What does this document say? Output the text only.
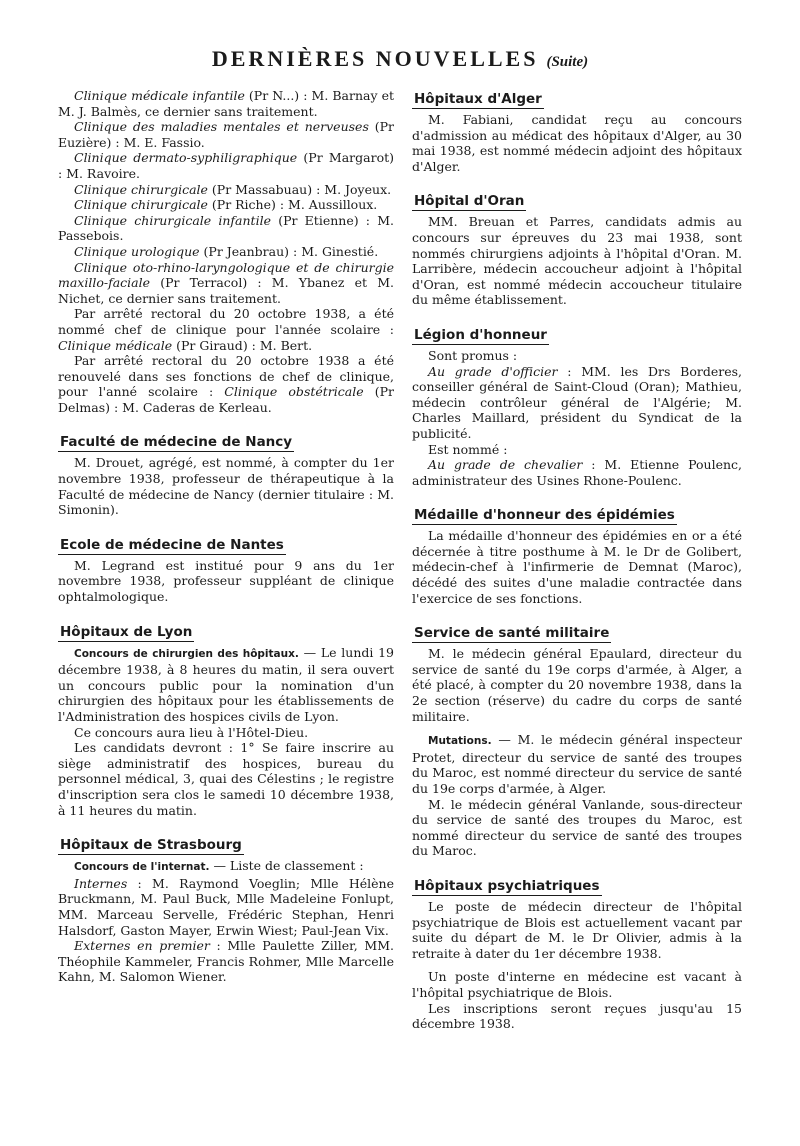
DERNIÈRES NOUVELLES (Suite)

Clinique médicale infantile (Pr N...) : M. Barnay et M. J. Balmès, ce dernier sans traitement.

Clinique des maladies mentales et nerveuses (Pr Euzière) : M. E. Fassio.

Clinique dermato-syphiligraphique (Pr Margarot) : M. Ravoire.

Clinique chirurgicale (Pr Massabuau) : M. Joyeux.

Clinique chirurgicale (Pr Riche) : M. Aussilloux.

Clinique chirurgicale infantile (Pr Etienne) : M. Passebois.

Clinique urologique (Pr Jeanbrau) : M. Ginestié.

Clinique oto-rhino-laryngologique et de chirurgie maxillo-faciale (Pr Terracol) : M. Ybanez et M. Nichet, ce dernier sans traitement.

Par arrêté rectoral du 20 octobre 1938, a été nommé chef de clinique pour l'année scolaire : Clinique médicale (Pr Giraud) : M. Bert.

Par arrêté rectoral du 20 octobre 1938 a été renouvelé dans ses fonctions de chef de clinique, pour l'anné scolaire : Clinique obstétricale (Pr Delmas) : M. Caderas de Kerleau.

Faculté de médecine de Nancy

M. Drouet, agrégé, est nommé, à compter du 1er novembre 1938, professeur de thérapeutique à la Faculté de médecine de Nancy (dernier titulaire : M. Simonin).

Ecole de médecine de Nantes

M. Legrand est institué pour 9 ans du 1er novembre 1938, professeur suppléant de clinique ophtalmologique.

Hôpitaux de Lyon

Concours de chirurgien des hôpitaux. — Le lundi 19 décembre 1938, à 8 heures du matin, il sera ouvert un concours public pour la nomination d'un chirurgien des hôpitaux pour les établissements de l'Administration des hospices civils de Lyon.

Ce concours aura lieu à l'Hôtel-Dieu.

Les candidats devront : 1° Se faire inscrire au siège administratif des hospices, bureau du personnel médical, 3, quai des Célestins ; le registre d'inscription sera clos le samedi 10 décembre 1938, à 11 heures du matin.

Hôpitaux de Strasbourg

Concours de l'internat. — Liste de classement :

Internes : M. Raymond Voeglin; Mlle Hélène Bruckmann, M. Paul Buck, Mlle Madeleine Fonlupt, MM. Marceau Servelle, Frédéric Stephan, Henri Halsdorf, Gaston Mayer, Erwin Wiest; Paul-Jean Vix.

Externes en premier : Mlle Paulette Ziller, MM. Théophile Kammeler, Francis Rohmer, Mlle Marcelle Kahn, M. Salomon Wiener.

Hôpitaux d'Alger

M. Fabiani, candidat reçu au concours d'admission au médicat des hôpitaux d'Alger, au 30 mai 1938, est nommé médecin adjoint des hôpitaux d'Alger.

Hôpital d'Oran

MM. Breuan et Parres, candidats admis au concours sur épreuves du 23 mai 1938, sont nommés chirurgiens adjoints à l'hôpital d'Oran. M. Larribère, médecin accoucheur adjoint à l'hôpital d'Oran, est nommé médecin accoucheur titulaire du même établissement.

Légion d'honneur

Sont promus :

Au grade d'officier : MM. les Drs Borderes, conseiller général de Saint-Cloud (Oran); Mathieu, médecin contrôleur général de l'Algérie; M. Charles Maillard, président du Syndicat de la publicité.

Est nommé :

Au grade de chevalier : M. Etienne Poulenc, administrateur des Usines Rhone-Poulenc.

Médaille d'honneur des épidémies

La médaille d'honneur des épidémies en or a été décernée à titre posthume à M. le Dr de Golibert, médecin-chef à l'infirmerie de Demnat (Maroc), décédé des suites d'une maladie contractée dans l'exercice de ses fonctions.

Service de santé militaire

M. le médecin général Epaulard, directeur du service de santé du 19e corps d'armée, à Alger, a été placé, à compter du 20 novembre 1938, dans la 2e section (réserve) du cadre du corps de santé militaire.

Mutations. — M. le médecin général inspecteur Protet, directeur du service de santé des troupes du Maroc, est nommé directeur du service de santé du 19e corps d'armée, à Alger.

M. le médecin général Vanlande, sous-directeur du service de santé des troupes du Maroc, est nommé directeur du service de santé des troupes du Maroc.

Hôpitaux psychiatriques

Le poste de médecin directeur de l'hôpital psychiatrique de Blois est actuellement vacant par suite du départ de M. le Dr Olivier, admis à la retraite à dater du 1er décembre 1938.

Un poste d'interne en médecine est vacant à l'hôpital psychiatrique de Blois.

Les inscriptions seront reçues jusqu'au 15 décembre 1938.
